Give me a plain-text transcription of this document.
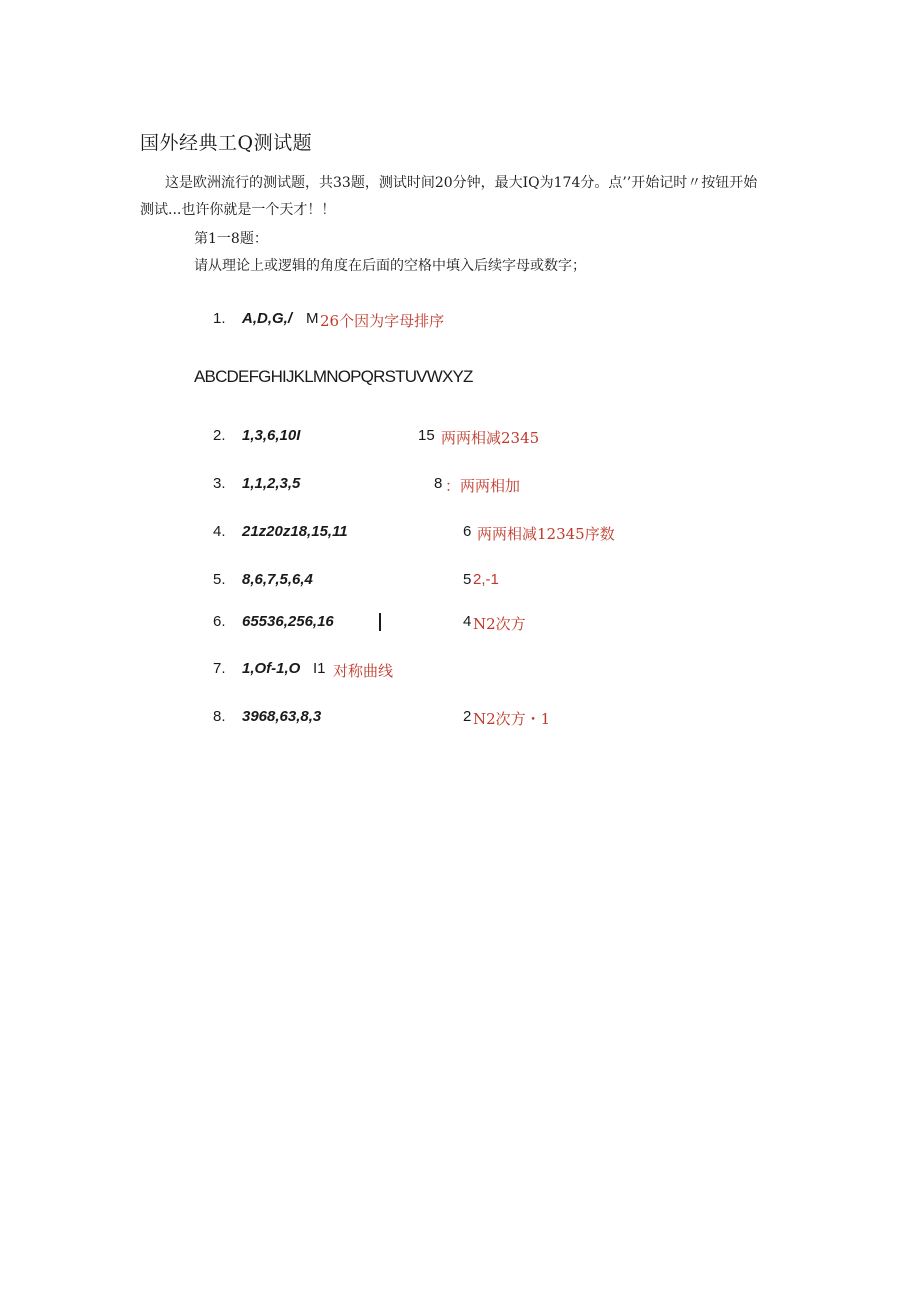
国外经典工Q测试题
这是欧洲流行的测试题，共33题，测试时间20分钟，最大IQ为174分。点’’开始记时〃按钮开始测试...也许你就是一个天才！！
第1一8题：
请从理论上或逻辑的角度在后面的空格中填入后续字母或数字；
1. A,D,G,/ M 26个因为字母排序
ABCDEFGHIJKLMNOPQRSTUVWXYZ
2. 1,3,6,10I	15 两两相减2345
3. 1,1,2,3,5	8 ：两两相加
4. 21z20z18,15,11	6 两两相减12345序数
5. 8,6,7,5,6,4	5 2,-1
6. 65536,256,16	4 N2次方
7. 1,Of-1,O I1 对称曲线
8. 3968,63,8,3	2 N2次方・1
